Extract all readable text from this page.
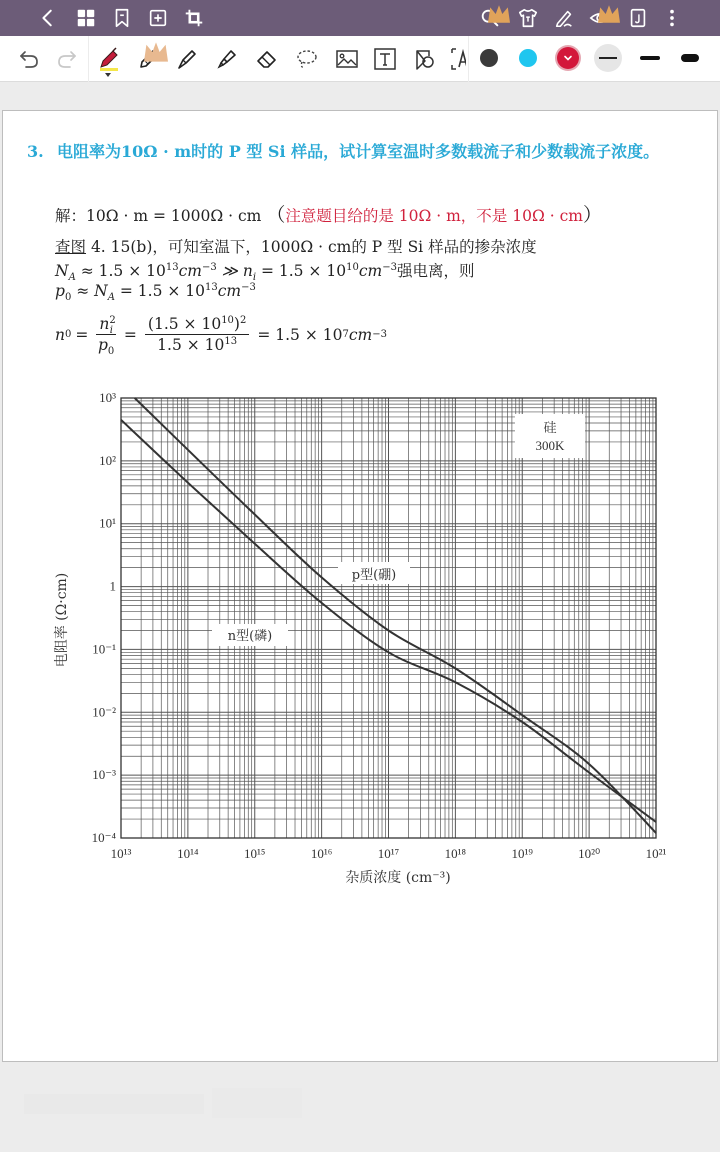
3. 电阻率为10Ω · m时的 P 型 Si 样品，试计算室温时多数载流子和少数载流子浓度。
解：10Ω · m = 1000Ω · cm （注意题目给的是 10Ω · m，不是 10Ω · cm）
查图 4. 15(b)，可知室温下，1000Ω · cm的 P 型 Si 样品的掺杂浓度
$N_A \approx 1.5 \times 10^{13}cm^{-3}$ ≫ $n_i = 1.5 \times 10^{10}cm^{-3}$强电离，则
$p_0 \approx N_A = 1.5 \times 10^{13}cm^{-3}$
n $0 = \frac{n^2_i}{p_0} = \frac{(1.5 \times 10^{10})^2}{1.5 \times 10^{13}} = 1.5 \times 10$ 7 cm −3
硅
300K
p型(硼)
n型(磷)
10¹³	10¹⁴	10¹⁵	10¹⁶	10¹⁷	10¹⁸	10¹⁹	10²⁰	10²¹
10³
10²
10¹
1
10⁻¹
10⁻²
10⁻³
10⁻⁴
杂质浓度 (cm⁻³)
电阻率 (Ω·cm)
